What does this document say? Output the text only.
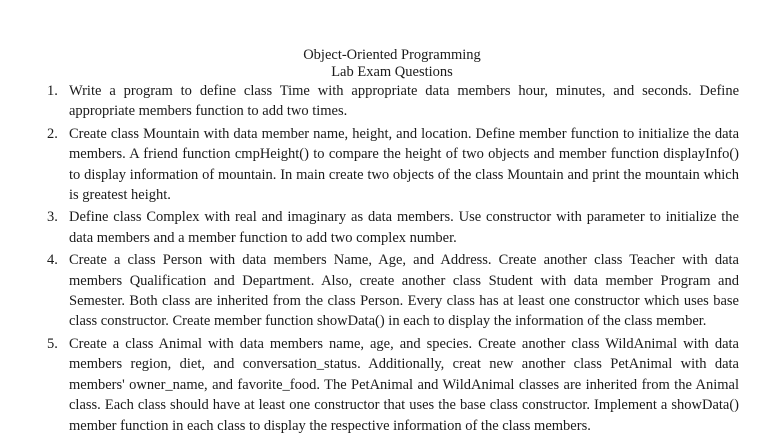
Object-Oriented Programming
Lab Exam Questions
1. Write a program to define class Time with appropriate data members hour, minutes, and seconds. Define appropriate members function to add two times.
2. Create class Mountain with data member name, height, and location. Define member function to initialize the data members. A friend function cmpHeight() to compare the height of two objects and member function displayInfo() to display information of mountain. In main create two objects of the class Mountain and print the mountain which is greatest height.
3. Define class Complex with real and imaginary as data members. Use constructor with parameter to initialize the data members and a member function to add two complex number.
4. Create a class Person with data members Name, Age, and Address. Create another class Teacher with data members Qualification and Department. Also, create another class Student with data member Program and Semester. Both class are inherited from the class Person. Every class has at least one constructor which uses base class constructor. Create member function showData() in each to display the information of the class member.
5. Create a class Animal with data members name, age, and species. Create another class WildAnimal with data members region, diet, and conversation_status. Additionally, creat new another class PetAnimal with data members' owner_name, and favorite_food. The PetAnimal and WildAnimal classes are inherited from the Animal class. Each class should have at least one constructor that uses the base class constructor. Implement a showData() member function in each class to display the respective information of the class members.
